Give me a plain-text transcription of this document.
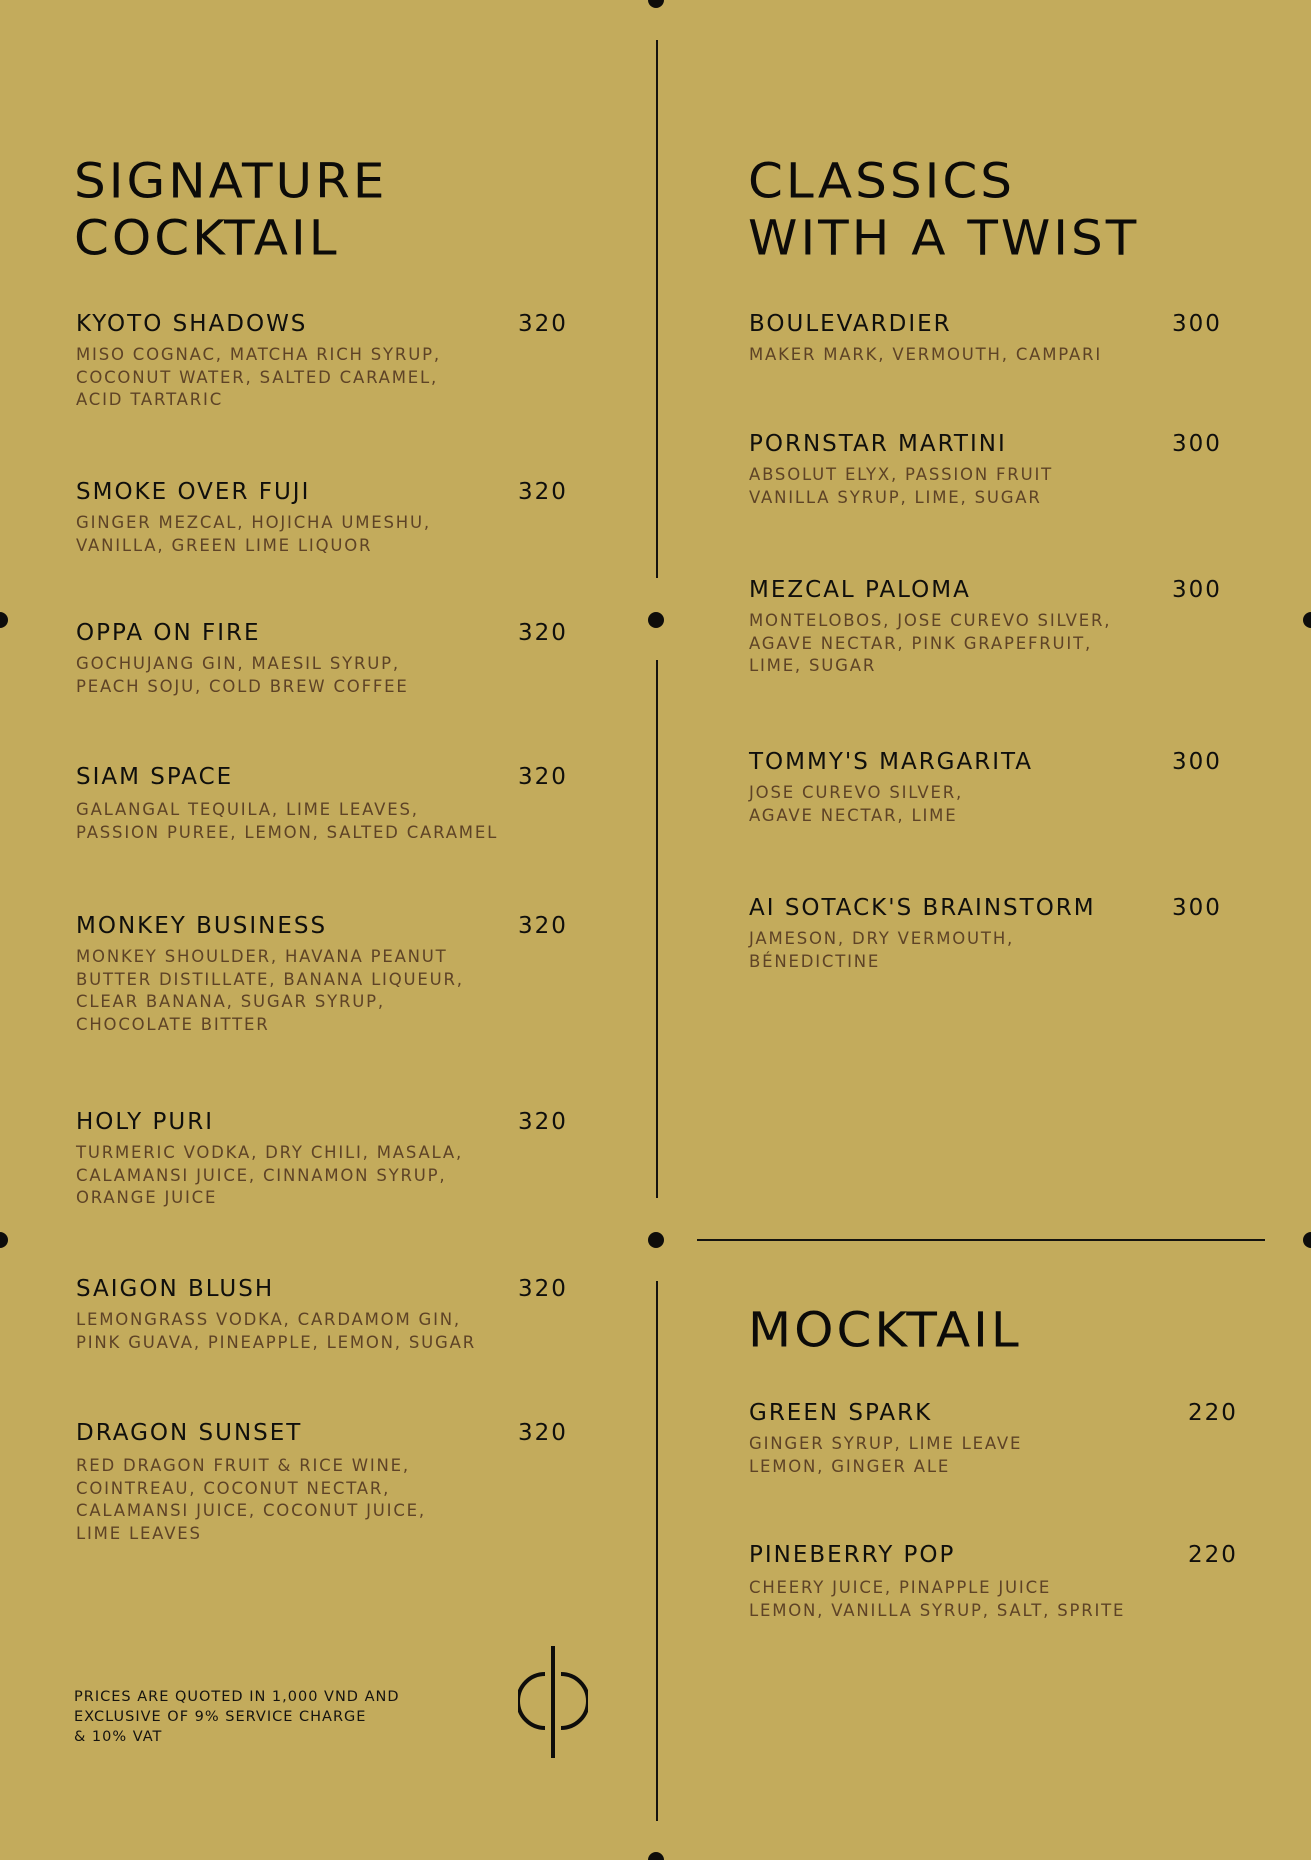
SIGNATURE
COCKTAIL
KYOTO SHADOWS	320
MISO COGNAC, MATCHA RICH SYRUP,
COCONUT WATER, SALTED CARAMEL,
ACID TARTARIC
SMOKE OVER FUJI	320
GINGER MEZCAL, HOJICHA UMESHU,
VANILLA, GREEN LIME LIQUOR
OPPA ON FIRE	320
GOCHUJANG GIN, MAESIL SYRUP,
PEACH SOJU, COLD BREW COFFEE
SIAM SPACE	320
GALANGAL TEQUILA, LIME LEAVES,
PASSION PUREE, LEMON, SALTED CARAMEL
MONKEY BUSINESS	320
MONKEY SHOULDER, HAVANA PEANUT
BUTTER DISTILLATE, BANANA LIQUEUR,
CLEAR BANANA, SUGAR SYRUP,
CHOCOLATE BITTER
HOLY PURI	320
TURMERIC VODKA, DRY CHILI, MASALA,
CALAMANSI JUICE, CINNAMON SYRUP,
ORANGE JUICE
SAIGON BLUSH	320
LEMONGRASS VODKA, CARDAMOM GIN,
PINK GUAVA, PINEAPPLE, LEMON, SUGAR
DRAGON SUNSET	320
RED DRAGON FRUIT & RICE WINE,
COINTREAU, COCONUT NECTAR,
CALAMANSI JUICE, COCONUT JUICE,
LIME LEAVES
CLASSICS
WITH A TWIST
BOULEVARDIER	300
MAKER MARK, VERMOUTH, CAMPARI
PORNSTAR MARTINI	300
ABSOLUT ELYX, PASSION FRUIT
VANILLA SYRUP, LIME, SUGAR
MEZCAL PALOMA	300
MONTELOBOS, JOSE CUREVO SILVER,
AGAVE NECTAR, PINK GRAPEFRUIT,
LIME, SUGAR
TOMMY'S MARGARITA	300
JOSE CUREVO SILVER,
AGAVE NECTAR, LIME
AI SOTACK'S BRAINSTORM	300
JAMESON, DRY VERMOUTH,
BÉNEDICTINE
MOCKTAIL
GREEN SPARK	220
GINGER SYRUP, LIME LEAVE
LEMON, GINGER ALE
PINEBERRY POP	220
CHEERY JUICE, PINAPPLE JUICE
LEMON, VANILLA SYRUP, SALT, SPRITE

PRICES ARE QUOTED IN 1,000 VND AND
EXCLUSIVE OF 9% SERVICE CHARGE
& 10% VAT
